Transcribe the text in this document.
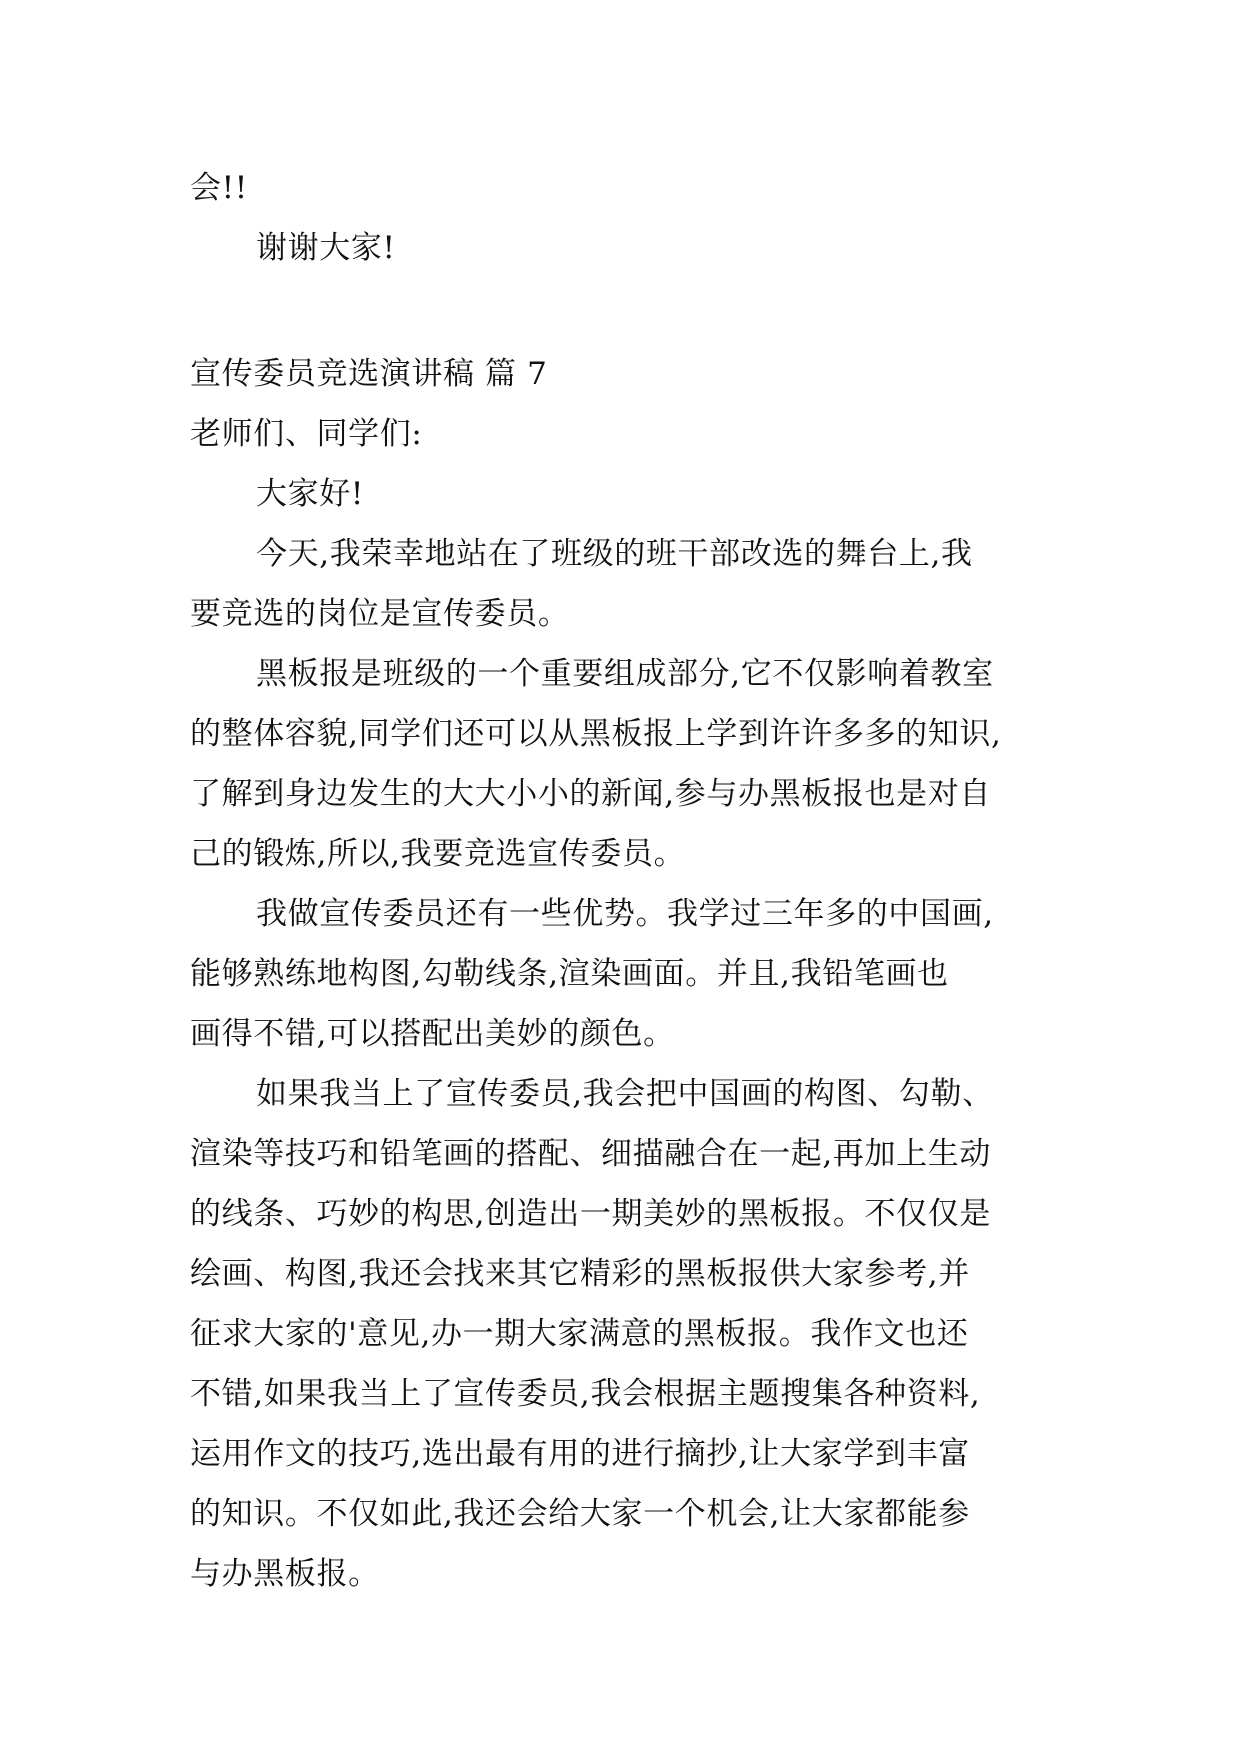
会!!
谢谢大家!
宣传委员竞选演讲稿 篇 7
老师们、同学们:
大家好!
今天,我荣幸地站在了班级的班干部改选的舞台上,我
要竞选的岗位是宣传委员。
黑板报是班级的一个重要组成部分,它不仅影响着教室
的整体容貌,同学们还可以从黑板报上学到许许多多的知识,
了解到身边发生的大大小小的新闻,参与办黑板报也是对自
己的锻炼,所以,我要竞选宣传委员。
我做宣传委员还有一些优势。我学过三年多的中国画,
能够熟练地构图,勾勒线条,渲染画面。并且,我铅笔画也
画得不错,可以搭配出美妙的颜色。
如果我当上了宣传委员,我会把中国画的构图、勾勒、
渲染等技巧和铅笔画的搭配、细描融合在一起,再加上生动
的线条、巧妙的构思,创造出一期美妙的黑板报。不仅仅是
绘画、构图,我还会找来其它精彩的黑板报供大家参考,并
征求大家的'意见,办一期大家满意的黑板报。我作文也还
不错,如果我当上了宣传委员,我会根据主题搜集各种资料,
运用作文的技巧,选出最有用的进行摘抄,让大家学到丰富
的知识。不仅如此,我还会给大家一个机会,让大家都能参
与办黑板报。
